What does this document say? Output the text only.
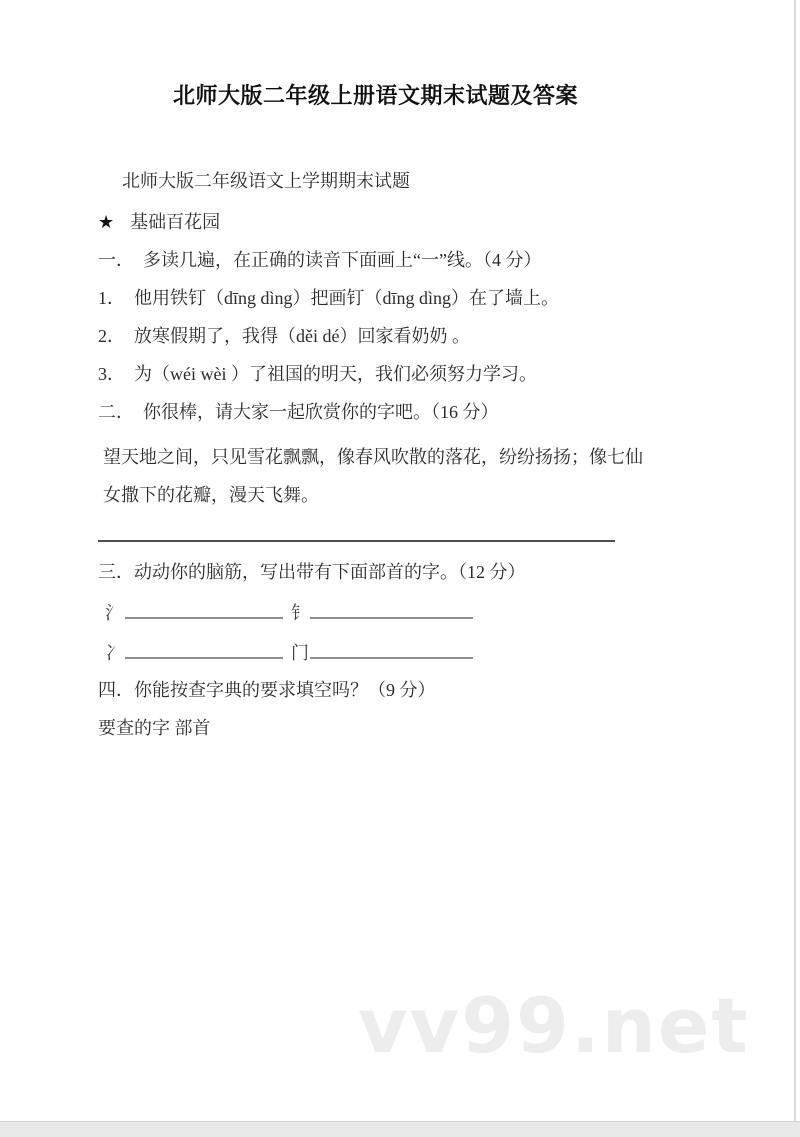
vv99.net
北师大版二年级上册语文期末试题及答案

北师大版二年级语文上学期期末试题

★ 基础百花园

一．　多读几遍，在正确的读音下面画上“一”线。（4 分）

1．　他用铁钉（dīng dìng）把画钉（dīng dìng）在了墙上。

2．　放寒假期了，我得（děi dé）回家看奶奶 。

3．　为（wéi wèi ）了祖国的明天，我们必须努力学习。

二．　你很棒，请大家一起欣赏你的字吧。（16 分）

望天地之间，只见雪花飘飘，像春风吹散的落花，纷纷扬扬；像七仙

女撒下的花瓣，漫天飞舞。

三．动动你的脑筋，写出带有下面部首的字。（12 分）

氵	钅

冫	门

四．你能按查字典的要求填空吗？（9 分）

要查的字 部首
